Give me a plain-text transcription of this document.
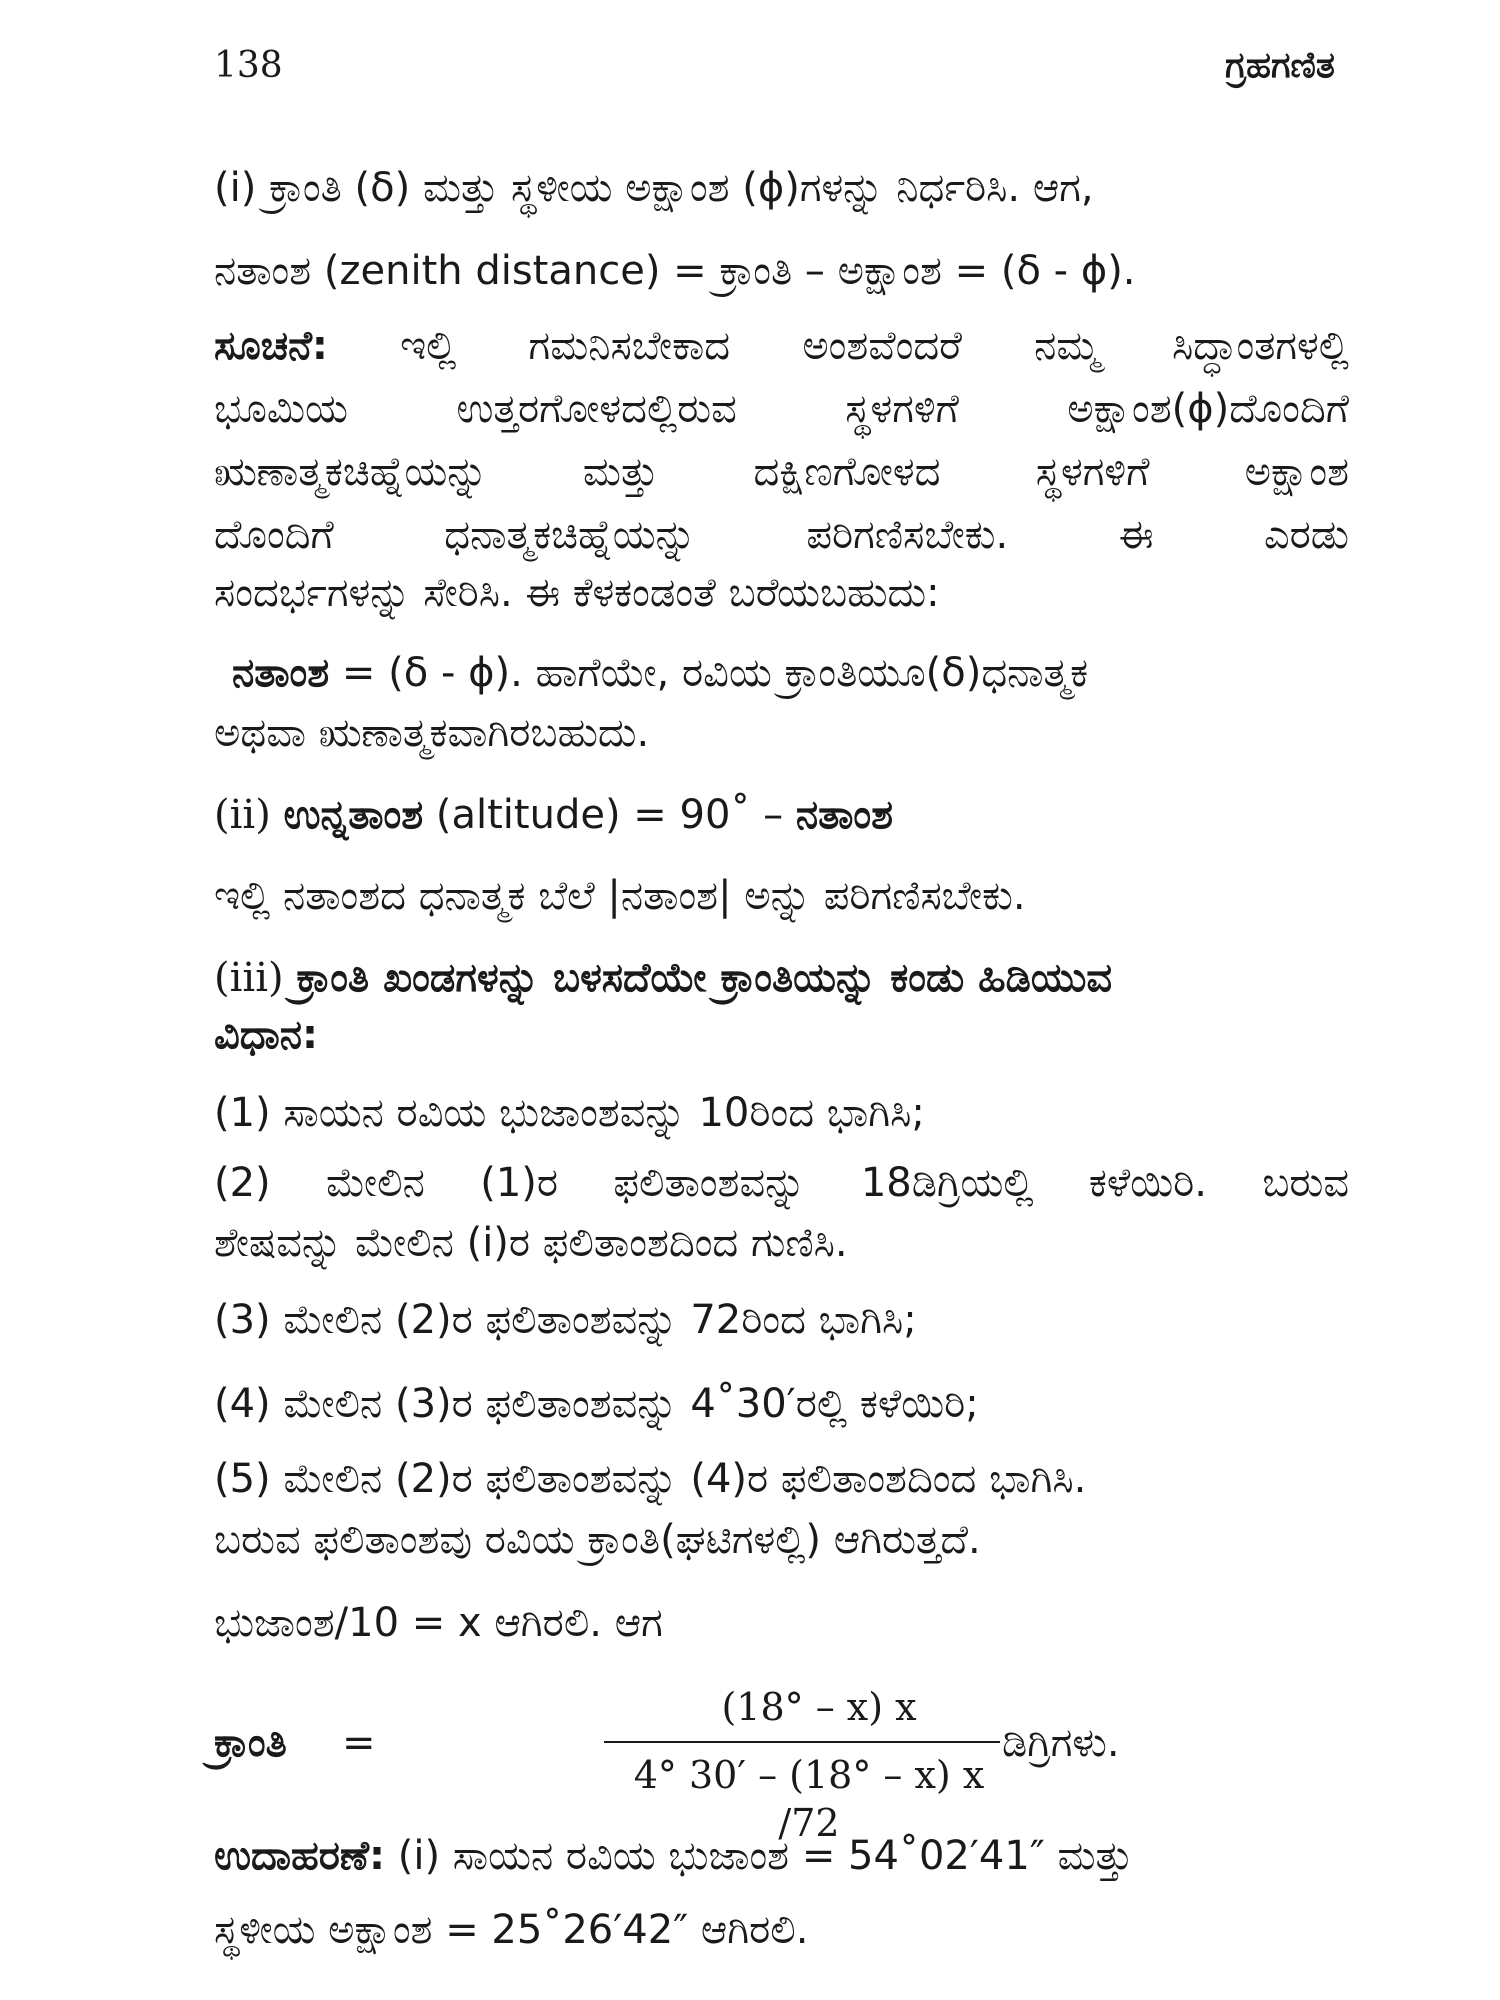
138	ಗ್ರಹಗಣಿತ
(i) ಕ್ರಾಂತಿ (δ) ಮತ್ತು ಸ್ಥಳೀಯ ಅಕ್ಷಾಂಶ (ϕ)ಗಳನ್ನು ನಿರ್ಧರಿಸಿ. ಆಗ,
ನತಾಂಶ (zenith distance) = ಕ್ರಾಂತಿ – ಅಕ್ಷಾಂಶ = (δ - ϕ).
ಸೂಚನೆ: ಇಲ್ಲಿ ಗಮನಿಸಬೇಕಾದ ಅಂಶವೆಂದರೆ ನಮ್ಮ ಸಿದ್ಧಾಂತಗಳಲ್ಲಿ
ಭೂಮಿಯ ಉತ್ತರಗೋಳದಲ್ಲಿರುವ ಸ್ಥಳಗಳಿಗೆ ಅಕ್ಷಾಂಶ(ϕ)ದೊಂದಿಗೆ
ಋಣಾತ್ಮಕಚಿಹ್ನೆಯನ್ನು ಮತ್ತು ದಕ್ಷಿಣಗೋಳದ ಸ್ಥಳಗಳಿಗೆ ಅಕ್ಷಾಂಶ
ದೊಂದಿಗೆ ಧನಾತ್ಮಕಚಿಹ್ನೆಯನ್ನು ಪರಿಗಣಿಸಬೇಕು. ಈ ಎರಡು
ಸಂದರ್ಭಗಳನ್ನು ಸೇರಿಸಿ. ಈ ಕೆಳಕಂಡಂತೆ ಬರೆಯಬಹುದು:
ನತಾಂಶ = (δ - ϕ). ಹಾಗೆಯೇ, ರವಿಯ ಕ್ರಾಂತಿಯೂ(δ)ಧನಾತ್ಮಕ
ಅಥವಾ ಋಣಾತ್ಮಕವಾಗಿರಬಹುದು.
(ii) ಉನ್ನತಾಂಶ (altitude) = 90˚ – ನತಾಂಶ
ಇಲ್ಲಿ ನತಾಂಶದ ಧನಾತ್ಮಕ ಬೆಲೆ |ನತಾಂಶ| ಅನ್ನು ಪರಿಗಣಿಸಬೇಕು.
(iii) ಕ್ರಾಂತಿ ಖಂಡಗಳನ್ನು ಬಳಸದೆಯೇ ಕ್ರಾಂತಿಯನ್ನು ಕಂಡು ಹಿಡಿಯುವ
ವಿಧಾನ:
(1) ಸಾಯನ ರವಿಯ ಭುಜಾಂಶವನ್ನು 10ರಿಂದ ಭಾಗಿಸಿ;
(2) ಮೇಲಿನ (1)ರ ಫಲಿತಾಂಶವನ್ನು 18ಡಿಗ್ರಿಯಲ್ಲಿ ಕಳೆಯಿರಿ. ಬರುವ
ಶೇಷವನ್ನು ಮೇಲಿನ (i)ರ ಫಲಿತಾಂಶದಿಂದ ಗುಣಿಸಿ.
(3) ಮೇಲಿನ (2)ರ ಫಲಿತಾಂಶವನ್ನು 72ರಿಂದ ಭಾಗಿಸಿ;
(4) ಮೇಲಿನ (3)ರ ಫಲಿತಾಂಶವನ್ನು 4˚30′ರಲ್ಲಿ ಕಳೆಯಿರಿ;
(5) ಮೇಲಿನ (2)ರ ಫಲಿತಾಂಶವನ್ನು (4)ರ ಫಲಿತಾಂಶದಿಂದ ಭಾಗಿಸಿ.
ಬರುವ ಫಲಿತಾಂಶವು ರವಿಯ ಕ್ರಾಂತಿ(ಘಟಿಗಳಲ್ಲಿ) ಆಗಿರುತ್ತದೆ.
ಭುಜಾಂಶ/10 = x ಆಗಿರಲಿ. ಆಗ
ಕ್ರಾಂತಿ =
(18° – x) x
4° 30′ – (18° – x) x /72
ಡಿಗ್ರಿಗಳು.
ಉದಾಹರಣೆ: (i) ಸಾಯನ ರವಿಯ ಭುಜಾಂಶ = 54˚02′41″ ಮತ್ತು
ಸ್ಥಳೀಯ ಅಕ್ಷಾಂಶ = 25˚26′42″ ಆಗಿರಲಿ.
